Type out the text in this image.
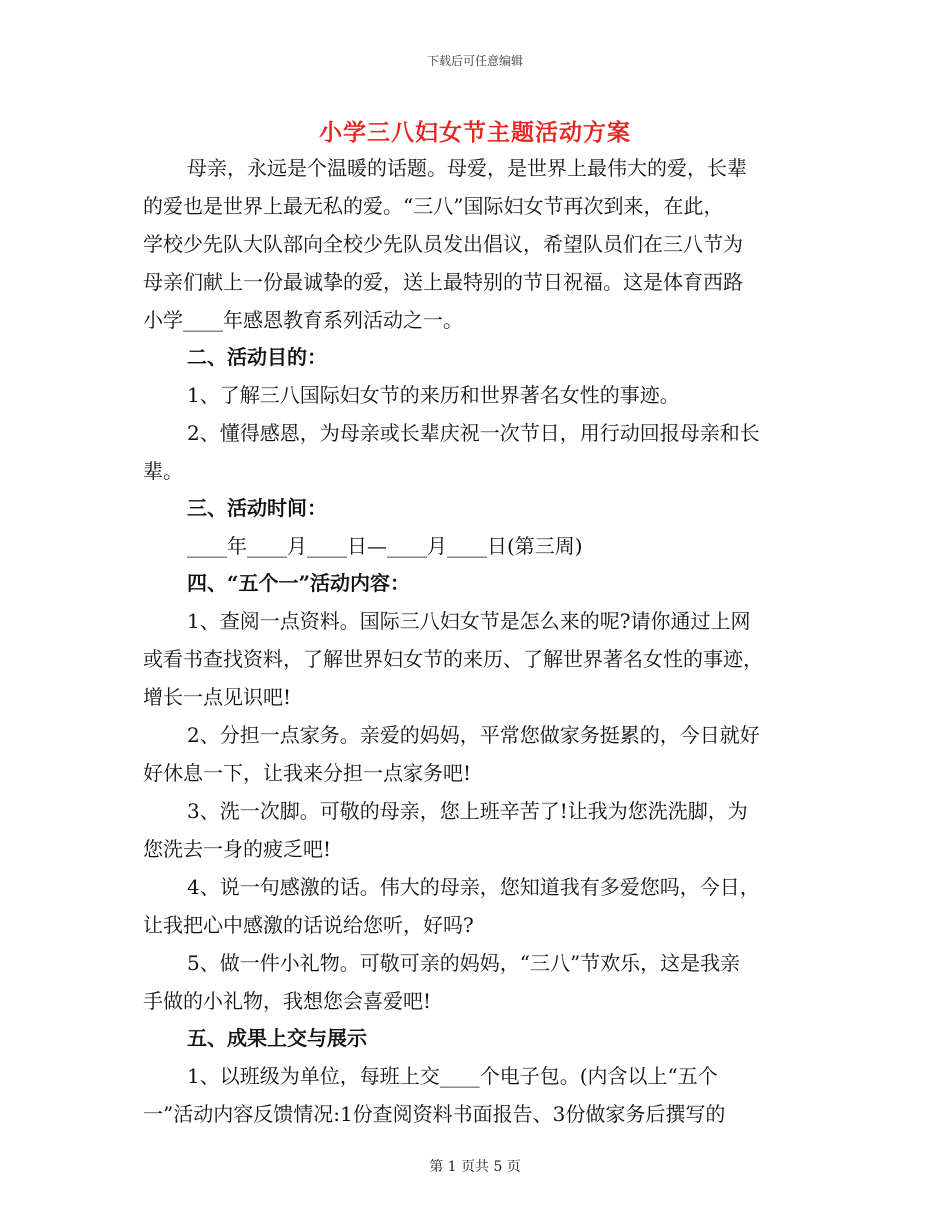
下载后可任意编辑
小学三八妇女节主题活动方案
母亲，永远是个温暖的话题。母爱，是世界上最伟大的爱，长辈
的爱也是世界上最无私的爱。“三八”国际妇女节再次到来，在此，
学校少先队大队部向全校少先队员发出倡议，希望队员们在三八节为
母亲们献上一份最诚挚的爱，送上最特别的节日祝福。这是体育西路
小学____年感恩教育系列活动之一。
二、活动目的：
1、了解三八国际妇女节的来历和世界著名女性的事迹。
2、懂得感恩，为母亲或长辈庆祝一次节日，用行动回报母亲和长
辈。
三、活动时间：
____年____月____日—____月____日(第三周)
四、“五个一”活动内容：
1、查阅一点资料。国际三八妇女节是怎么来的呢?请你通过上网
或看书查找资料，了解世界妇女节的来历、了解世界著名女性的事迹，
增长一点见识吧!
2、分担一点家务。亲爱的妈妈，平常您做家务挺累的，今日就好
好休息一下，让我来分担一点家务吧!
3、洗一次脚。可敬的母亲，您上班辛苦了!让我为您洗洗脚，为
您洗去一身的疲乏吧!
4、说一句感激的话。伟大的母亲，您知道我有多爱您吗，今日，
让我把心中感激的话说给您听，好吗?
5、做一件小礼物。可敬可亲的妈妈，“三八”节欢乐，这是我亲
手做的小礼物，我想您会喜爱吧!
五、成果上交与展示
1、以班级为单位，每班上交____个电子包。(内含以上“五个
一”活动内容反馈情况:1份查阅资料书面报告、3份做家务后撰写的
第 1 页共 5 页
